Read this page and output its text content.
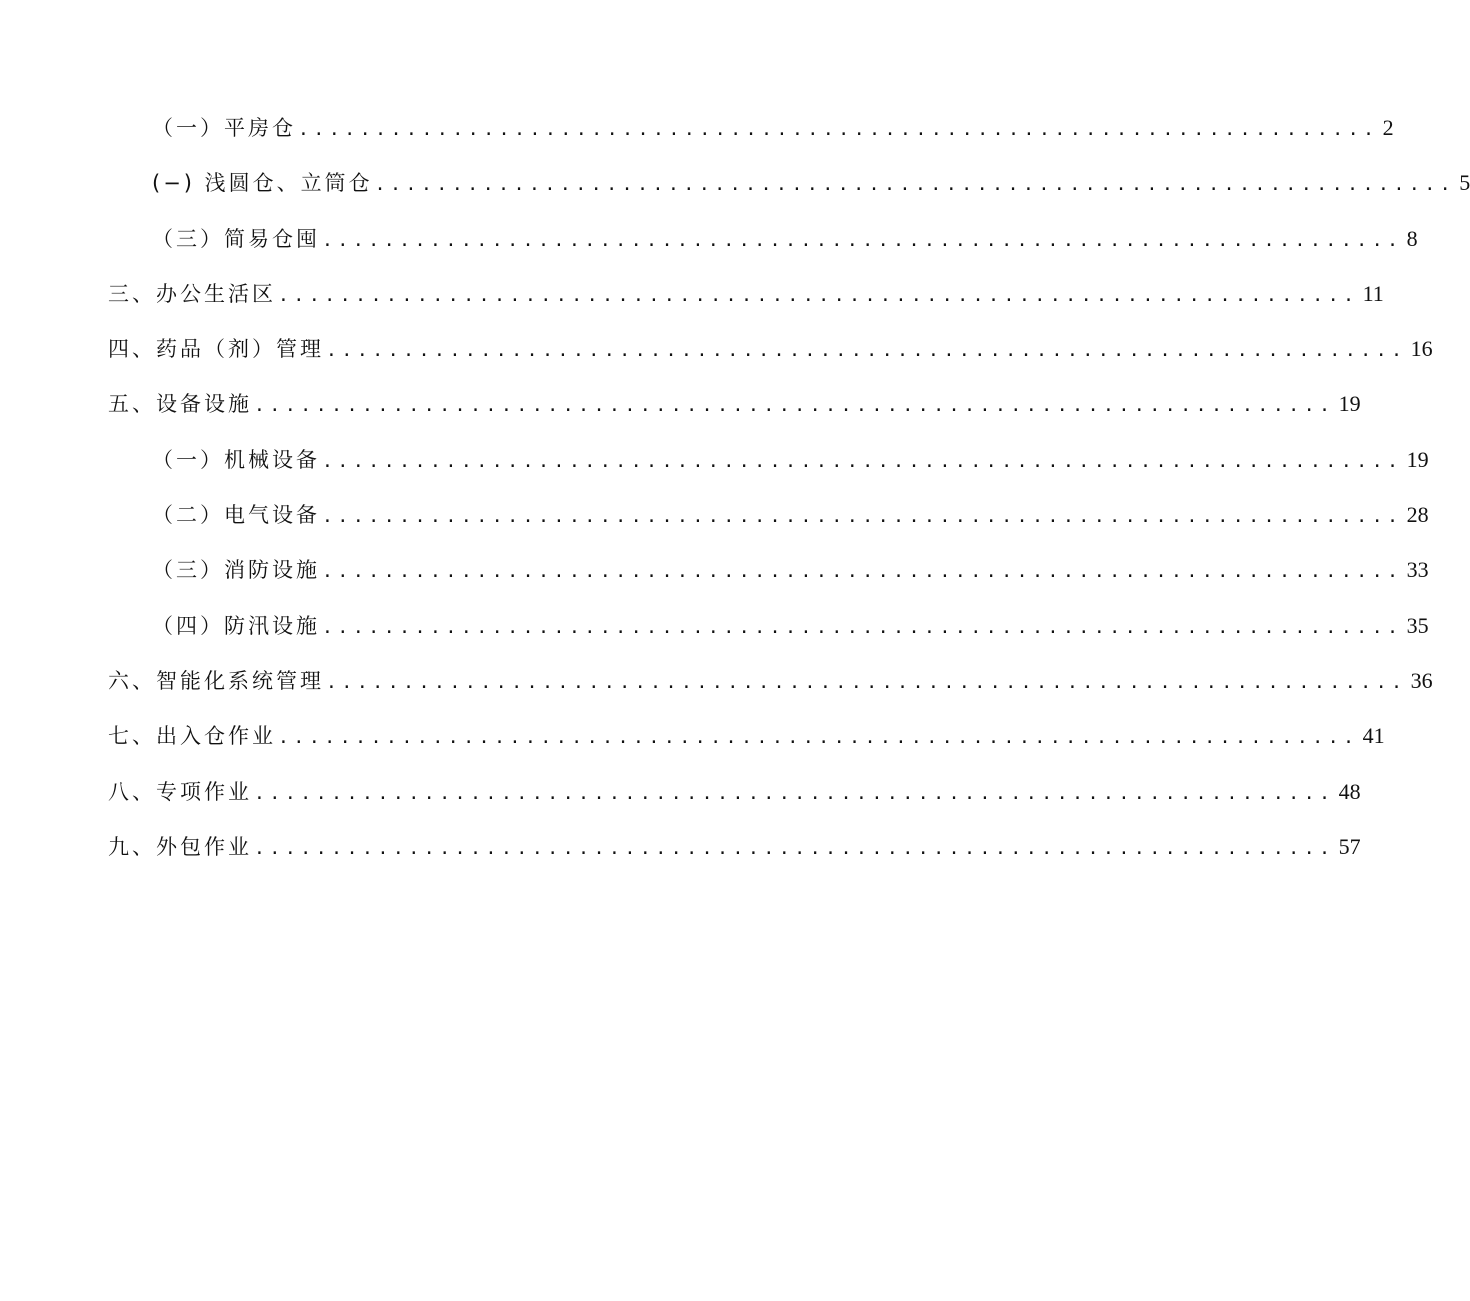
（一）平房仓 ...................................................................... 2
(−) 浅圆仓、立筒仓 ...................................................................... 5
（三）简易仓囤 ...................................................................... 8
三、办公生活区 ...................................................................... 11
四、药品（剂）管理 ...................................................................... 16
五、设备设施 ...................................................................... 19
（一）机械设备 ...................................................................... 19
（二）电气设备 ...................................................................... 28
（三）消防设施 ...................................................................... 33
（四）防汛设施 ...................................................................... 35
六、智能化系统管理 ...................................................................... 36
七、出入仓作业 ...................................................................... 41
八、专项作业 ...................................................................... 48
九、外包作业 ...................................................................... 57
